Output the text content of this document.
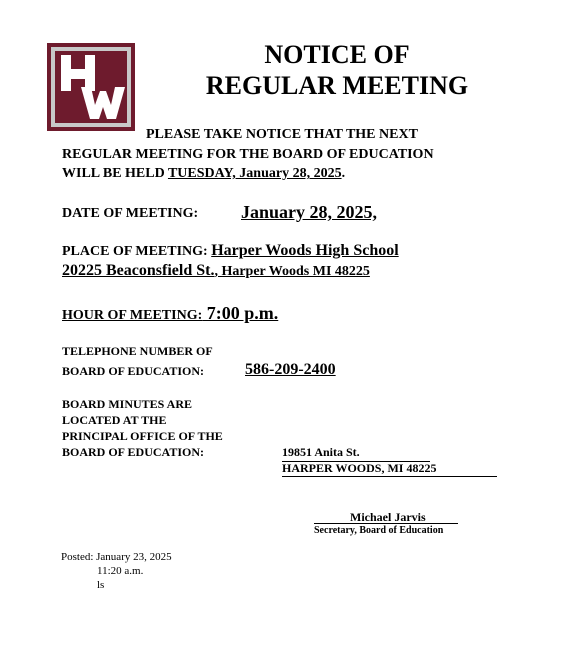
NOTICE OF
REGULAR MEETING
PLEASE TAKE NOTICE THAT THE NEXT
REGULAR MEETING FOR THE BOARD OF EDUCATION
WILL BE HELD TUESDAY, January 28, 2025.
DATE OF MEETING: January 28, 2025,
PLACE OF MEETING: Harper Woods High School
20225 Beaconsfield St., Harper Woods MI 48225
HOUR OF MEETING: 7:00 p.m.
TELEPHONE NUMBER OF
BOARD OF EDUCATION:	586-209-2400
BOARD MINUTES ARE
LOCATED AT THE
PRINCIPAL OFFICE OF THE
BOARD OF EDUCATION:	19851 Anita St.
HARPER WOODS, MI 48225
Michael Jarvis
Secretary, Board of Education
Posted: January 23, 2025
11:20 a.m.
ls
